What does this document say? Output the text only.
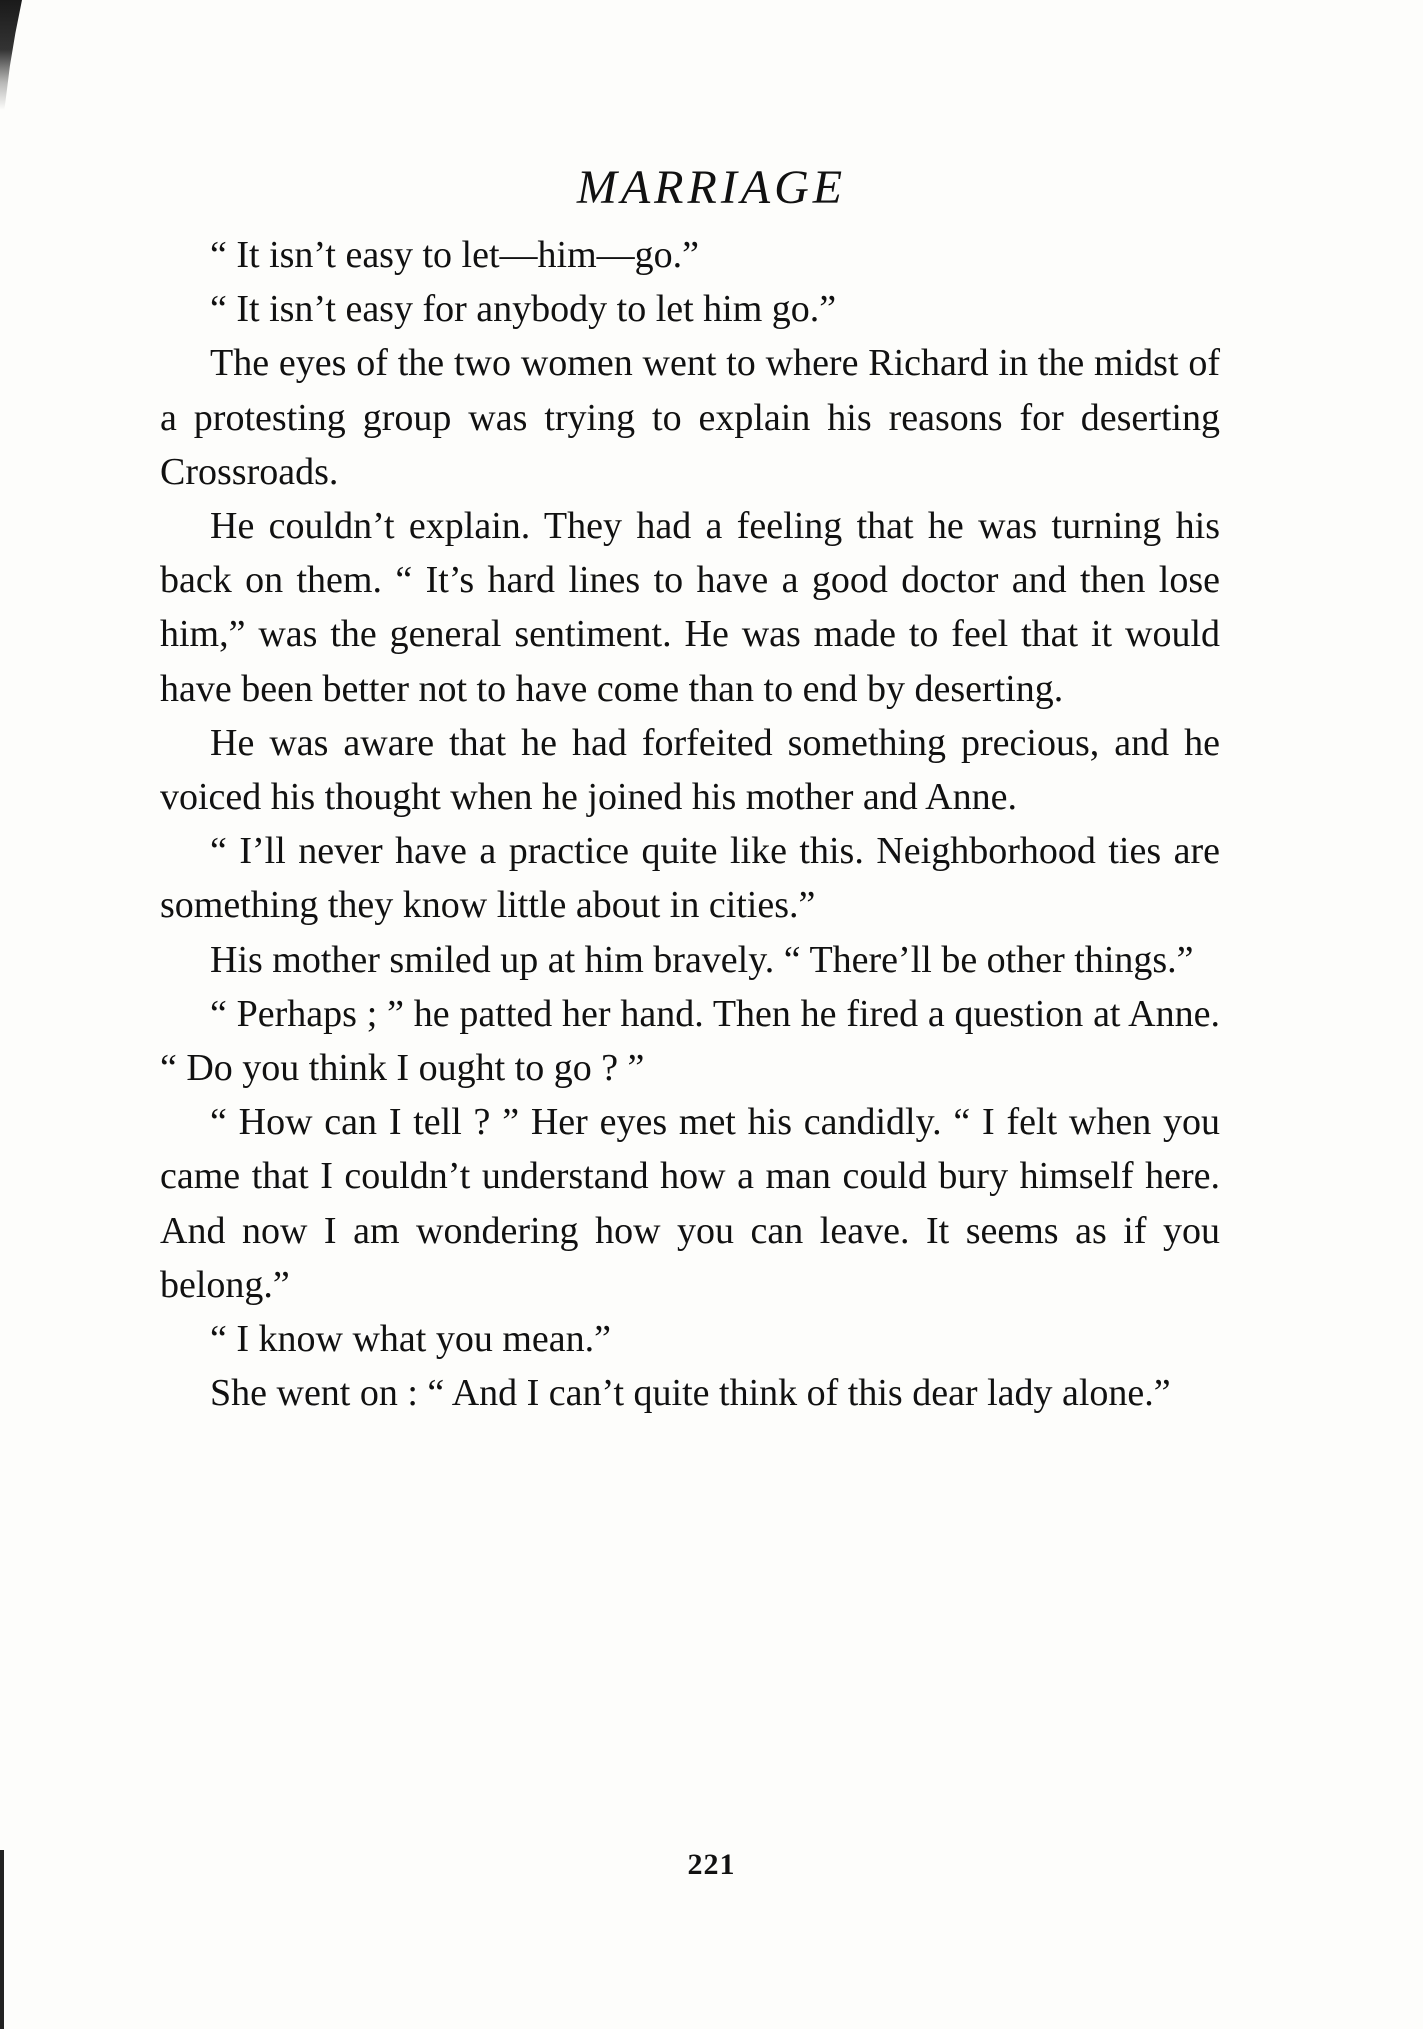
MARRIAGE

“ It isn’t easy to let—him—go.”

“ It isn’t easy for anybody to let him go.”

The eyes of the two women went to where Richard in the midst of a protesting group was trying to explain his reasons for deserting Crossroads.

He couldn’t explain. They had a feeling that he was turning his back on them. “ It’s hard lines to have a good doctor and then lose him,” was the general sentiment. He was made to feel that it would have been better not to have come than to end by deserting.

He was aware that he had forfeited something precious, and he voiced his thought when he joined his mother and Anne.

“ I’ll never have a practice quite like this. Neighborhood ties are something they know little about in cities.”

His mother smiled up at him bravely. “ There’ll be other things.”

“ Perhaps ; ” he patted her hand. Then he fired a question at Anne. “ Do you think I ought to go ? ”

“ How can I tell ? ” Her eyes met his candidly. “ I felt when you came that I couldn’t understand how a man could bury himself here. And now I am wondering how you can leave. It seems as if you belong.”

“ I know what you mean.”

She went on : “ And I can’t quite think of this dear lady alone.”

221
